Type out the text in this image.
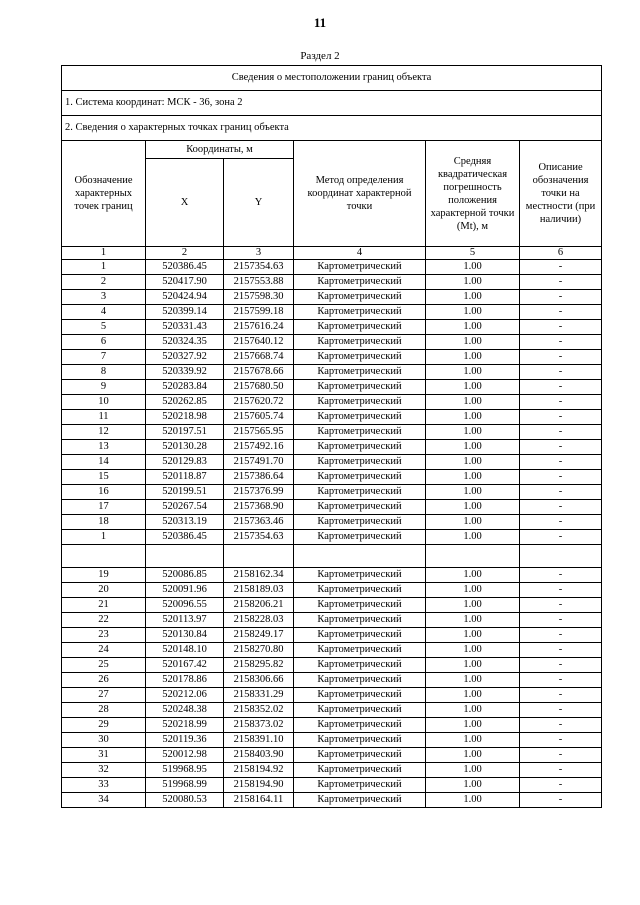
11
Раздел 2
Сведения о местоположении границ объекта					
1. Система координат: МСК - 36, зона 2					
2. Сведения о характерных точках границ объекта					
Обозначение характерных точек границ	Координаты, м		Метод определения координат характерной точки	Средняя квадратическая погрешность положения характерной точки (Mt), м	Описание обозначения точки на местности (при наличии)
	X	Y			
1	2	3	4	5	6
1	520386.45	2157354.63	Картометрический	1.00	-
2	520417.90	2157553.88	Картометрический	1.00	-
3	520424.94	2157598.30	Картометрический	1.00	-
4	520399.14	2157599.18	Картометрический	1.00	-
5	520331.43	2157616.24	Картометрический	1.00	-
6	520324.35	2157640.12	Картометрический	1.00	-
7	520327.92	2157668.74	Картометрический	1.00	-
8	520339.92	2157678.66	Картометрический	1.00	-
9	520283.84	2157680.50	Картометрический	1.00	-
10	520262.85	2157620.72	Картометрический	1.00	-
11	520218.98	2157605.74	Картометрический	1.00	-
12	520197.51	2157565.95	Картометрический	1.00	-
13	520130.28	2157492.16	Картометрический	1.00	-
14	520129.83	2157491.70	Картометрический	1.00	-
15	520118.87	2157386.64	Картометрический	1.00	-
16	520199.51	2157376.99	Картометрический	1.00	-
17	520267.54	2157368.90	Картометрический	1.00	-
18	520313.19	2157363.46	Картометрический	1.00	-
1	520386.45	2157354.63	Картометрический	1.00	-

19	520086.85	2158162.34	Картометрический	1.00	-
20	520091.96	2158189.03	Картометрический	1.00	-
21	520096.55	2158206.21	Картометрический	1.00	-
22	520113.97	2158228.03	Картометрический	1.00	-
23	520130.84	2158249.17	Картометрический	1.00	-
24	520148.10	2158270.80	Картометрический	1.00	-
25	520167.42	2158295.82	Картометрический	1.00	-
26	520178.86	2158306.66	Картометрический	1.00	-
27	520212.06	2158331.29	Картометрический	1.00	-
28	520248.38	2158352.02	Картометрический	1.00	-
29	520218.99	2158373.02	Картометрический	1.00	-
30	520119.36	2158391.10	Картометрический	1.00	-
31	520012.98	2158403.90	Картометрический	1.00	-
32	519968.95	2158194.92	Картометрический	1.00	-
33	519968.99	2158194.90	Картометрический	1.00	-
34	520080.53	2158164.11	Картометрический	1.00	-
